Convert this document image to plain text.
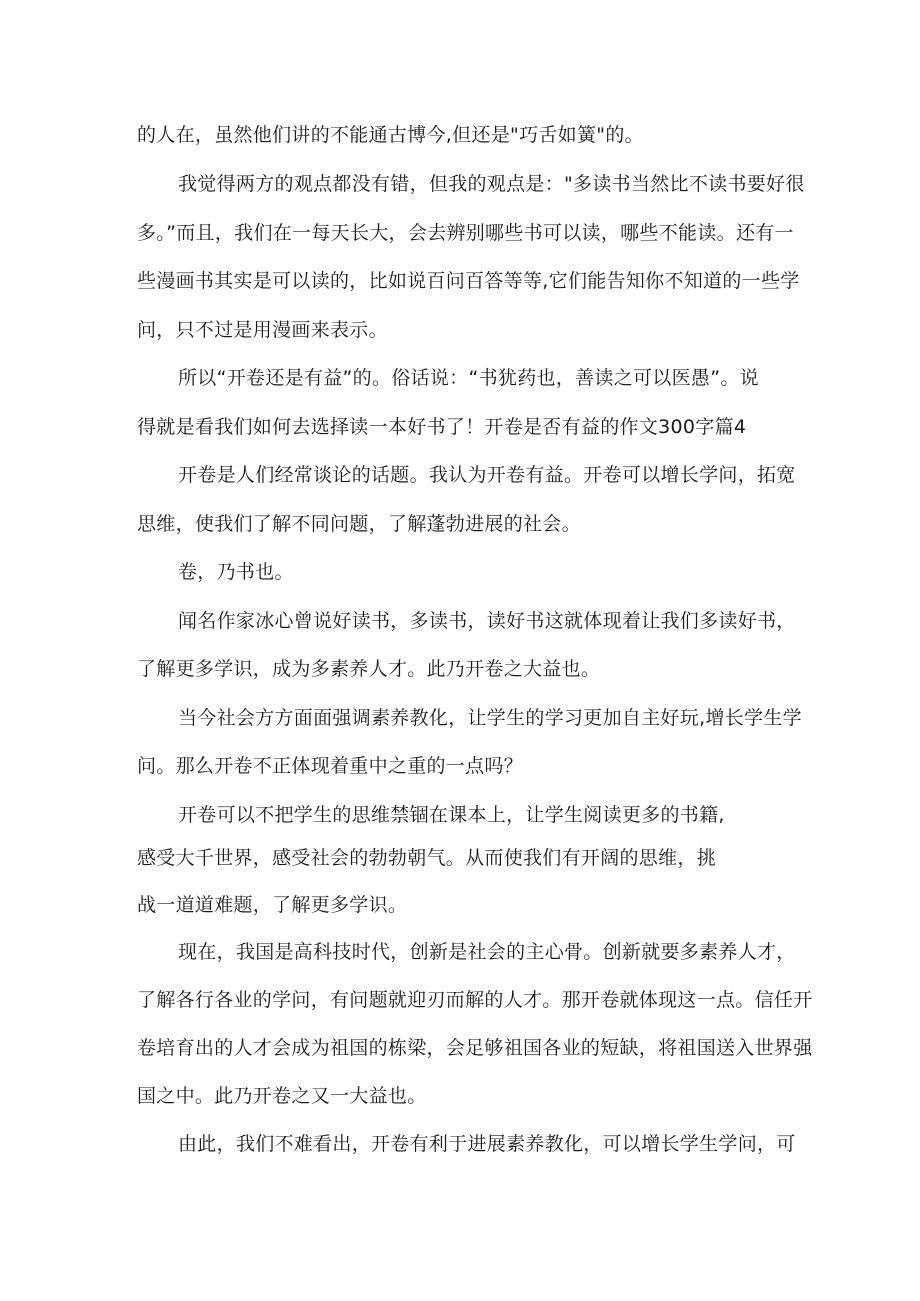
的人在，虽然他们讲的不能通古博今,但还是"巧舌如簧"的。
我觉得两方的观点都没有错，但我的观点是："多读书当然比不读书要好很
多。”而且，我们在一每天长大，会去辨别哪些书可以读，哪些不能读。还有一
些漫画书其实是可以读的，比如说百问百答等等,它们能告知你不知道的一些学
问，只不过是用漫画来表示。
所以“开卷还是有益”的。俗话说：“书犹药也，善读之可以医愚”。说
得就是看我们如何去选择读一本好书了！开卷是否有益的作文300字篇4
开卷是人们经常谈论的话题。我认为开卷有益。开卷可以增长学问，拓宽
思维，使我们了解不同问题，了解蓬勃进展的社会。
卷，乃书也。
闻名作家冰心曾说好读书，多读书，读好书这就体现着让我们多读好书，
了解更多学识，成为多素养人才。此乃开卷之大益也。
当今社会方方面面强调素养教化，让学生的学习更加自主好玩,增长学生学
问。那么开卷不正体现着重中之重的一点吗？
开卷可以不把学生的思维禁锢在课本上，让学生阅读更多的书籍,
感受大千世界，感受社会的勃勃朝气。从而使我们有开阔的思维，挑
战一道道难题，了解更多学识。
现在，我国是高科技时代，创新是社会的主心骨。创新就要多素养人才，
了解各行各业的学问，有问题就迎刃而解的人才。那开卷就体现这一点。信任开
卷培育出的人才会成为祖国的栋梁，会足够祖国各业的短缺，将祖国送入世界强
国之中。此乃开卷之又一大益也。
由此，我们不难看出，开卷有利于进展素养教化，可以增长学生学问，可
